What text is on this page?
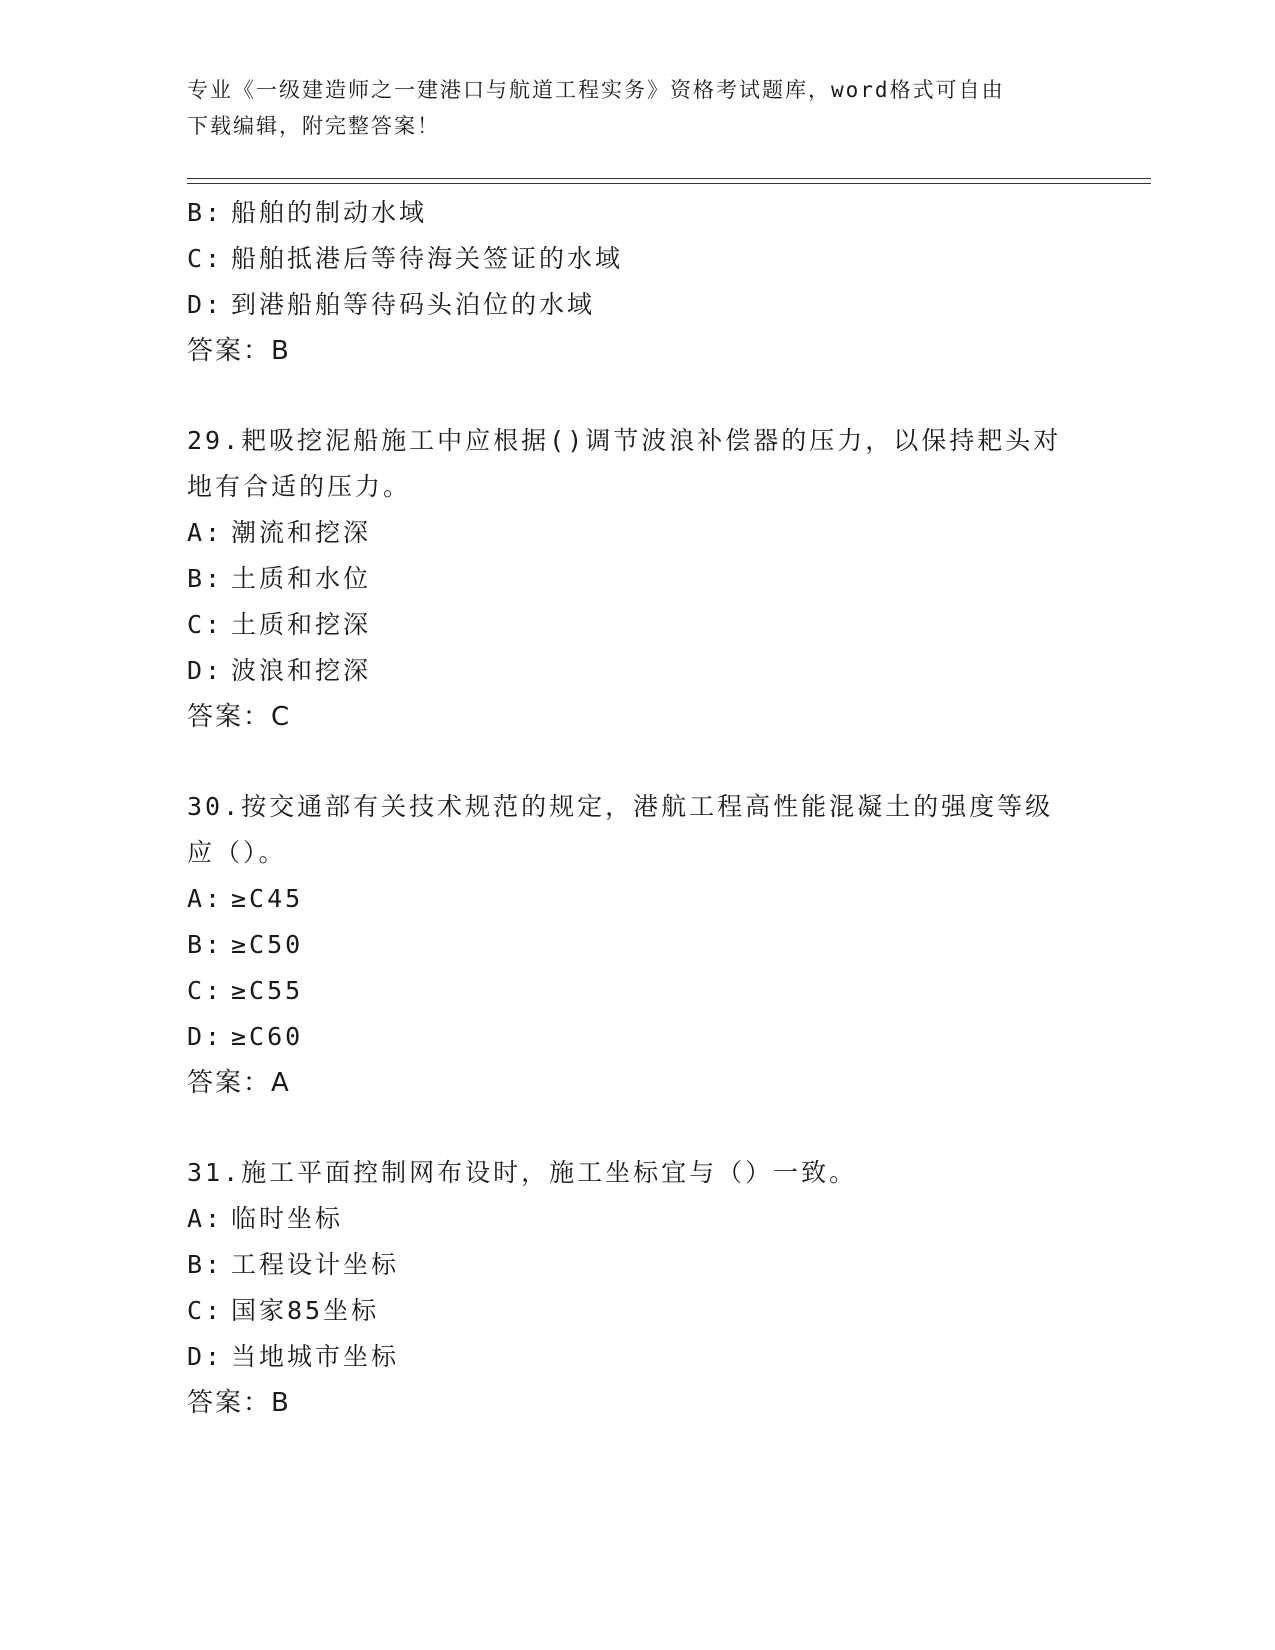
专业《一级建造师之一建港口与航道工程实务》资格考试题库，word格式可自由
下载编辑，附完整答案！
B: 船舶的制动水域
C: 船舶抵港后等待海关签证的水域
D: 到港船舶等待码头泊位的水域
答案：B
29.耙吸挖泥船施工中应根据()调节波浪补偿器的压力，以保持耙头对
地有合适的压力。
A: 潮流和挖深
B: 土质和水位
C: 土质和挖深
D: 波浪和挖深
答案：C
30.按交通部有关技术规范的规定，港航工程高性能混凝土的强度等级
应（）。
A: ≥C45
B: ≥C50
C: ≥C55
D: ≥C60
答案：A
31.施工平面控制网布设时，施工坐标宜与（）一致。
A: 临时坐标
B: 工程设计坐标
C: 国家85坐标
D: 当地城市坐标
答案：B
